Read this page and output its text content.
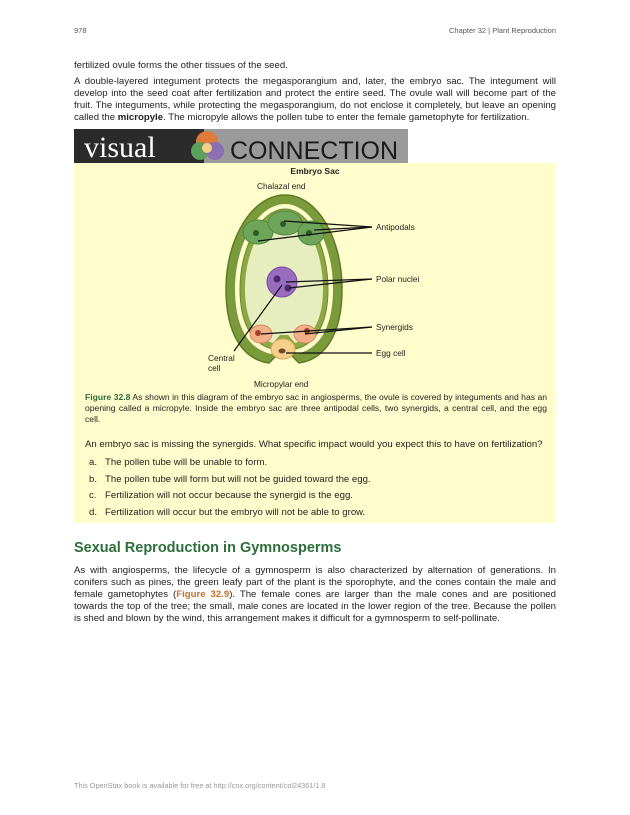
978	Chapter 32 | Plant Reproduction

fertilized ovule forms the other tissues of the seed.

A double-layered integument protects the megasporangium and, later, the embryo sac. The integument will develop into the seed coat after fertilization and protect the entire seed. The ovule wall will become part of the fruit. The integuments, while protecting the megasporangium, do not enclose it completely, but leave an opening called the micropyle. The micropyle allows the pollen tube to enter the female gametophyte for fertilization.

visual	CONNECTION
Embryo Sac
Chalazal end
Antipodals
Polar nuclei
Synergids
Egg cell
Central cell
Micropylar end

Figure 32.8 As shown in this diagram of the embryo sac in angiosperms, the ovule is covered by integuments and has an opening called a micropyle. Inside the embryo sac are three antipodal cells, two synergids, a central cell, and the egg cell.

An embryo sac is missing the synergids. What specific impact would you expect this to have on fertilization?

a. The pollen tube will be unable to form.
b. The pollen tube will form but will not be guided toward the egg.
c. Fertilization will not occur because the synergid is the egg.
d. Fertilization will occur but the embryo will not be able to grow.
Sexual Reproduction in Gymnosperms

As with angiosperms, the lifecycle of a gymnosperm is also characterized by alternation of generations. In conifers such as pines, the green leafy part of the plant is the sporophyte, and the cones contain the male and female gametophytes (Figure 32.9). The female cones are larger than the male cones and are positioned towards the top of the tree; the small, male cones are located in the lower region of the tree. Because the pollen is shed and blown by the wind, this arrangement makes it difficult for a gymnosperm to self-pollinate.

This OpenStax book is available for free at http://cnx.org/content/col24361/1.8
